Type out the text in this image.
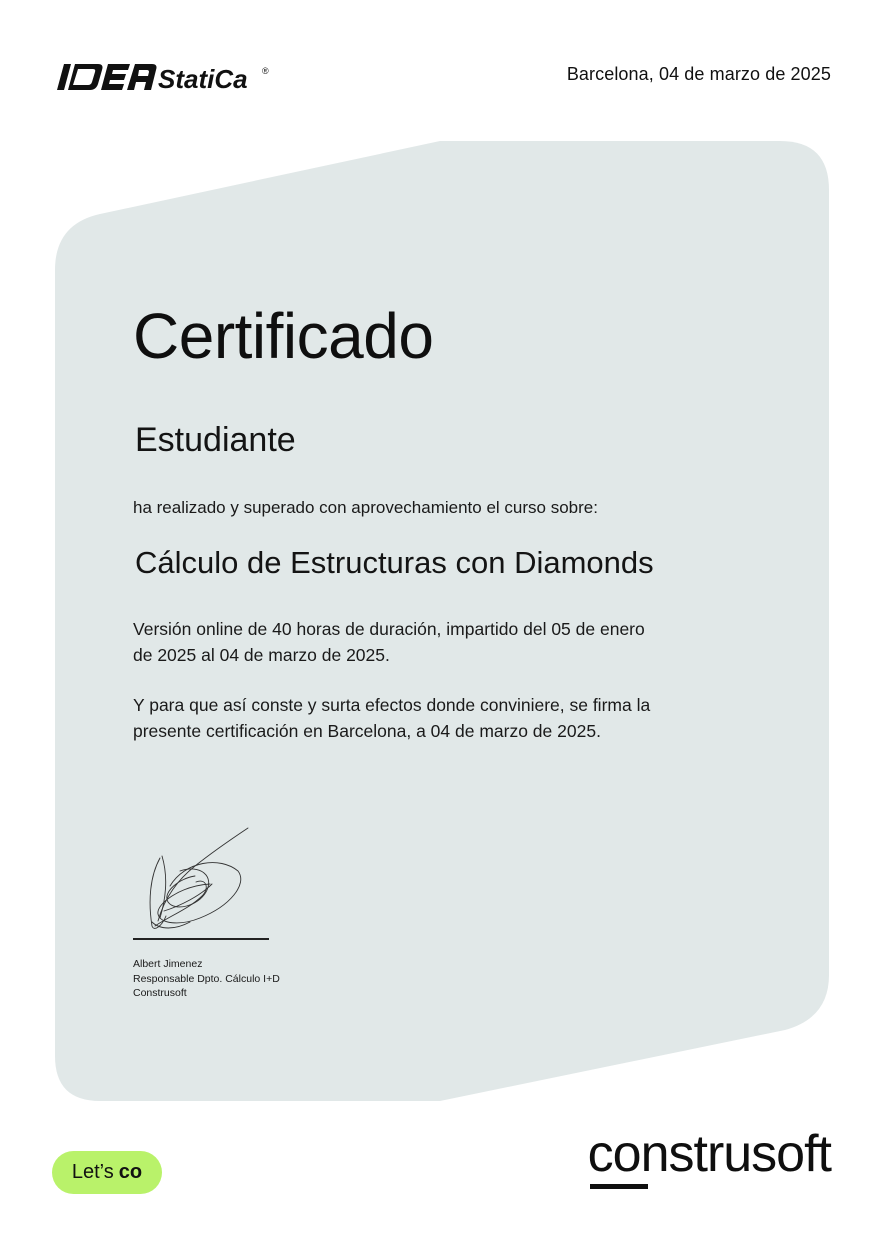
StatiCa ®	Barcelona, 04 de marzo de 2025
Certificado
Estudiante
ha realizado y superado con aprovechamiento el curso sobre:
Cálculo de Estructuras con Diamonds
Versión online de 40 horas de duración, impartido del 05 de enero
de 2025 al 04 de marzo de 2025.
Y para que así conste y surta efectos donde conviniere, se firma la
presente certificación en Barcelona, a 04 de marzo de 2025.
Albert Jimenez
Responsable Dpto. Cálculo I+D
Construsoft
Let’s co	construsoft
